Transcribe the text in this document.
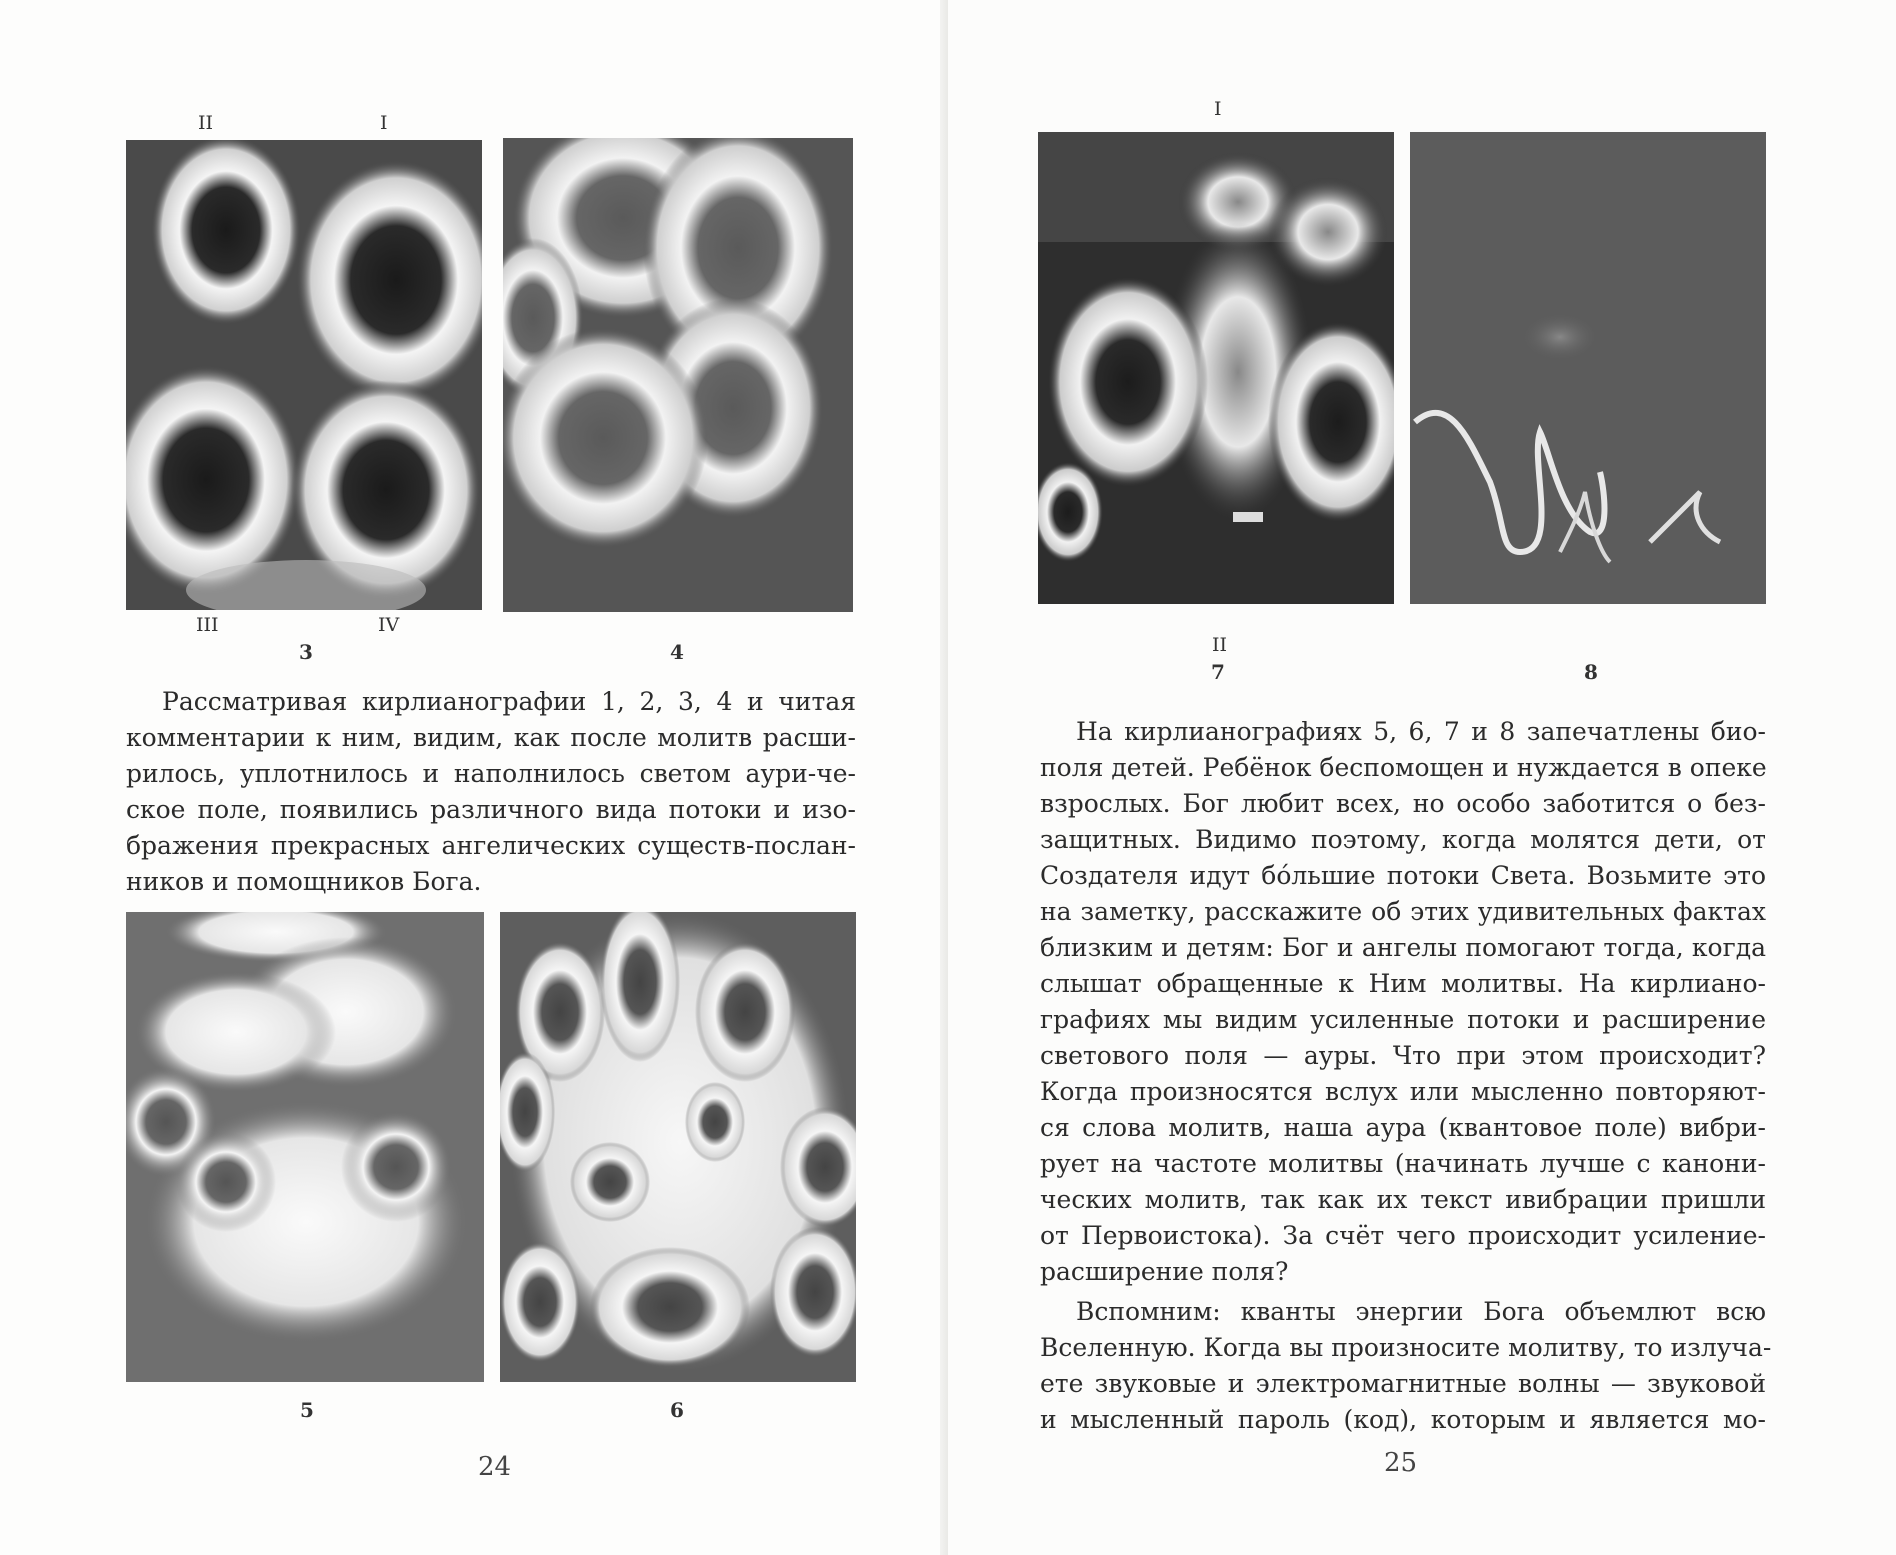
II	I
III	IV
3	4
Рассматривая кирлианографии 1, 2, 3, 4 и читая
комментарии к ним, видим, как после молитв расши-
рилось, уплотнилось и наполнилось светом аури-че-
ское поле, появились различного вида потоки и изо-
бражения прекрасных ангелических существ-послан-
ников и помощников Бога.
5	6
24
I
II
7	8
На кирлианографиях 5, 6, 7 и 8 запечатлены био-
поля детей. Ребёнок беспомощен и нуждается в опеке
взрослых. Бог любит всех, но особо заботится о без-
защитных. Видимо поэтому, когда молятся дети, от
Создателя идут бóльшие потоки Света. Возьмите это
на заметку, расскажите об этих удивительных фактах
близким и детям: Бог и ангелы помогают тогда, когда
слышат обращенные к Ним молитвы. На кирлиано-
графиях мы видим усиленные потоки и расширение
светового поля — ауры. Что при этом происходит?
Когда произносятся вслух или мысленно повторяют-
ся слова молитв, наша аура (квантовое поле) вибри-
рует на частоте молитвы (начинать лучше с канони-
ческих молитв, так как их текст ивибрации пришли
от Первоистока). За счёт чего происходит усиление-
расширение поля?
Вспомним: кванты энергии Бога объемлют всю
Вселенную. Когда вы произносите молитву, то излуча-
ете звуковые и электромагнитные волны — звуковой
и мысленный пароль (код), которым и является мо-
25
